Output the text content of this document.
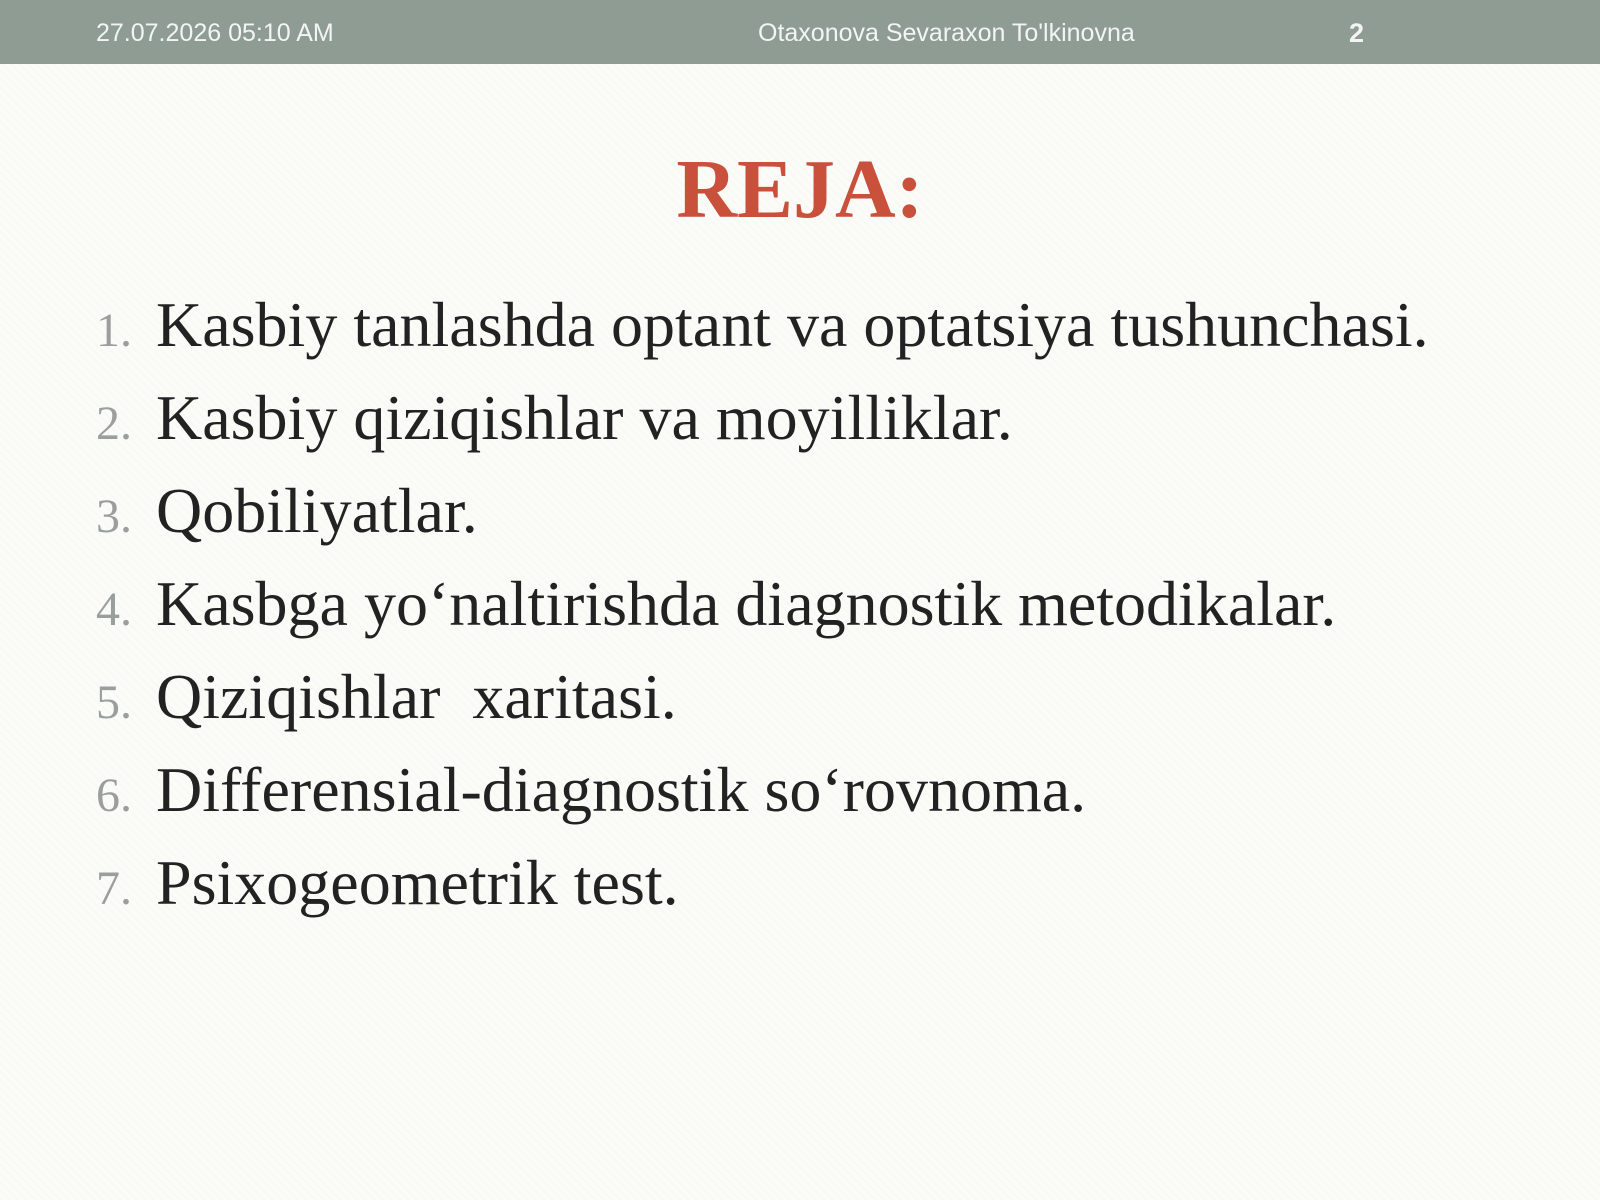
27.07.2026 05:10 AM	Otaxonova Sevaraxon To'lkinovna	2
REJA:
1. Kasbiy tanlashda optant va optatsiya tushunchasi.
2. Kasbiy qiziqishlar va moyilliklar.
3. Qobiliyatlar.
4. Kasbga yo‘naltirishda diagnostik metodikalar.
5. Qiziqishlar  xaritasi.
6. Differensial-diagnostik so‘rovnoma.
7. Psixogeometrik test.
